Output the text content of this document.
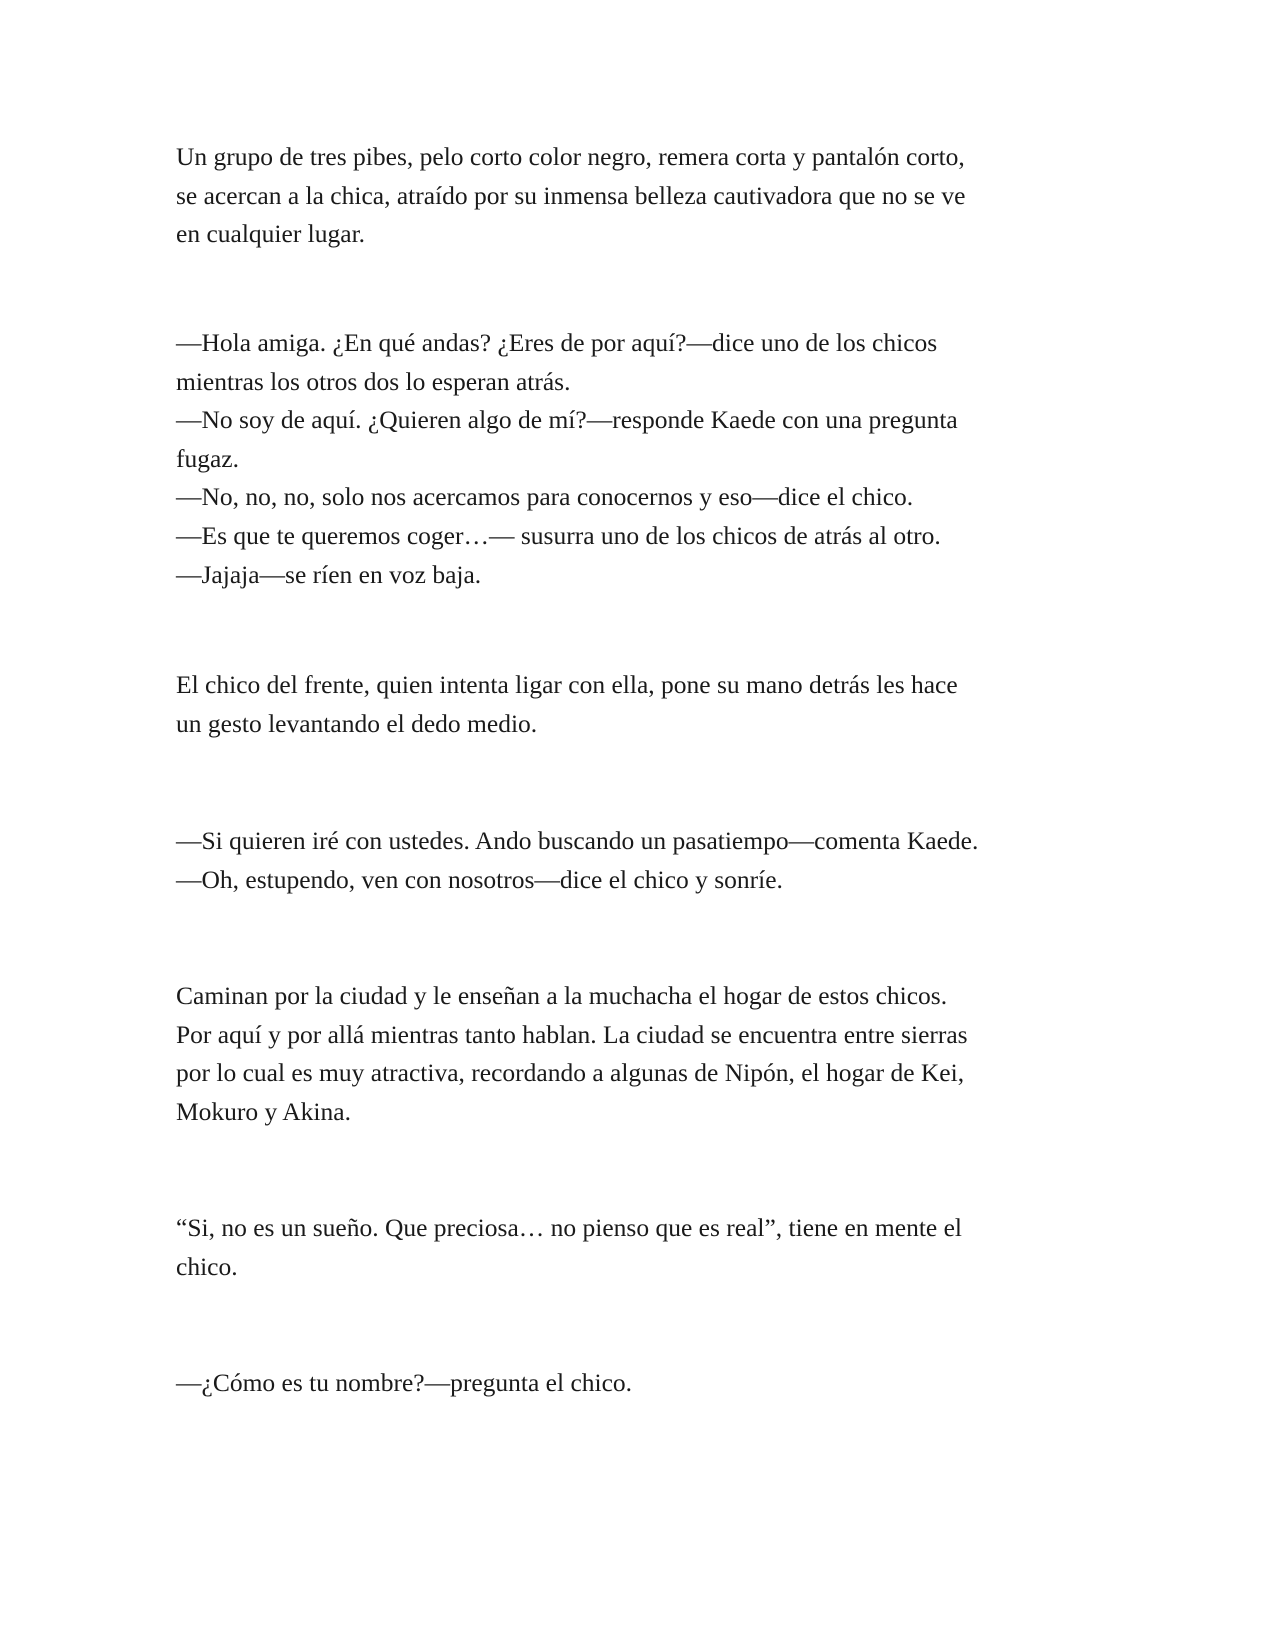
Un grupo de tres pibes, pelo corto color negro, remera corta y pantalón corto,
se acercan a la chica, atraído por su inmensa belleza cautivadora que no se ve
en cualquier lugar.
—Hola amiga. ¿En qué andas? ¿Eres de por aquí?—dice uno de los chicos
mientras los otros dos lo esperan atrás.
—No soy de aquí. ¿Quieren algo de mí?—responde Kaede con una pregunta
fugaz.
—No, no, no, solo nos acercamos para conocernos y eso—dice el chico.
—Es que te queremos coger…— susurra uno de los chicos de atrás al otro.
—Jajaja—se ríen en voz baja.
El chico del frente, quien intenta ligar con ella, pone su mano detrás les hace
un gesto levantando el dedo medio.
—Si quieren iré con ustedes. Ando buscando un pasatiempo—comenta Kaede.
—Oh, estupendo, ven con nosotros—dice el chico y sonríe.
Caminan por la ciudad y le enseñan a la muchacha el hogar de estos chicos.
Por aquí y por allá mientras tanto hablan. La ciudad se encuentra entre sierras
por lo cual es muy atractiva, recordando a algunas de Nipón, el hogar de Kei,
Mokuro y Akina.
“Si, no es un sueño. Que preciosa… no pienso que es real”, tiene en mente el
chico.
—¿Cómo es tu nombre?—pregunta el chico.
